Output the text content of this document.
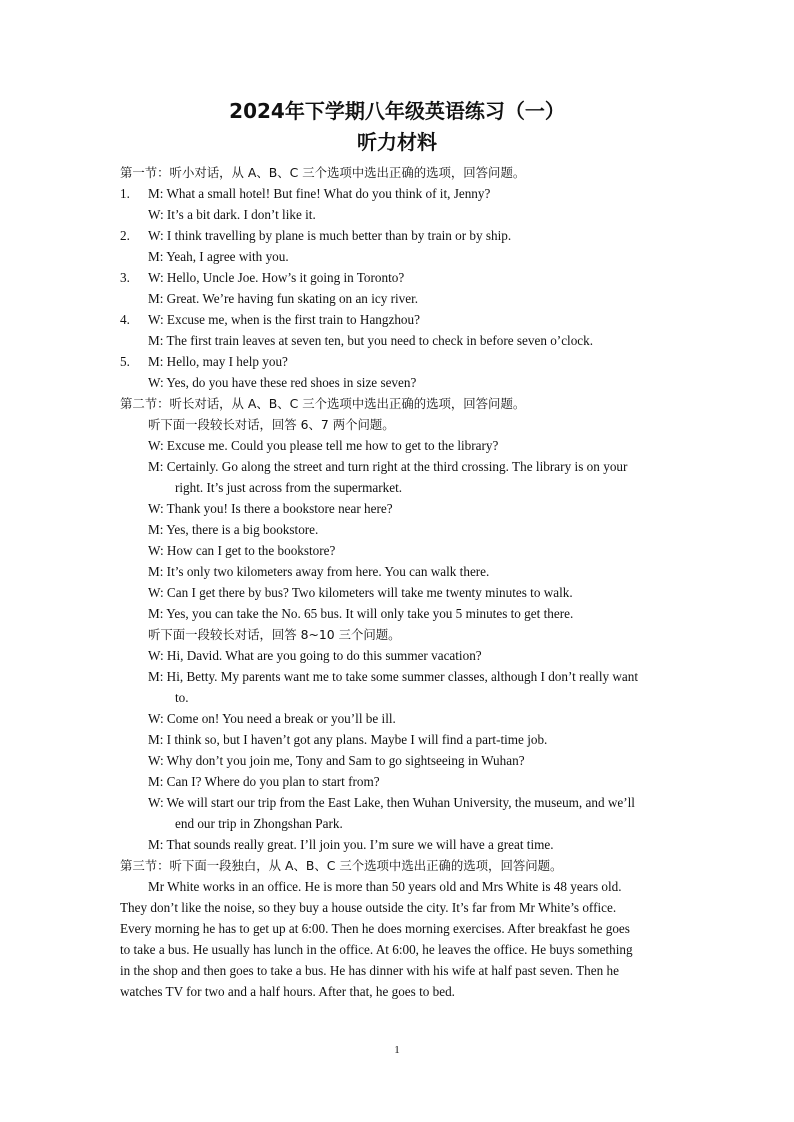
2024年下学期八年级英语练习（一）
听力材料
第一节：听小对话，从 A、B、C 三个选项中选出正确的选项，回答问题。
1.	M: What a small hotel! But fine! What do you think of it, Jenny?
W: It’s a bit dark. I don’t like it.
2.	W: I think travelling by plane is much better than by train or by ship.
M: Yeah, I agree with you.
3.	W: Hello, Uncle Joe. How’s it going in Toronto?
M: Great. We’re having fun skating on an icy river.
4.	W: Excuse me, when is the first train to Hangzhou?
M: The first train leaves at seven ten, but you need to check in before seven o’clock.
5.	M: Hello, may I help you?
W: Yes, do you have these red shoes in size seven?
第二节：听长对话，从 A、B、C 三个选项中选出正确的选项，回答问题。
听下面一段较长对话，回答 6、7 两个问题。
W: Excuse me. Could you please tell me how to get to the library?
M: Certainly. Go along the street and turn right at the third crossing. The library is on your
right. It’s just across from the supermarket.
W: Thank you! Is there a bookstore near here?
M: Yes, there is a big bookstore.
W: How can I get to the bookstore?
M: It’s only two kilometers away from here. You can walk there.
W: Can I get there by bus? Two kilometers will take me twenty minutes to walk.
M: Yes, you can take the No. 65 bus. It will only take you 5 minutes to get there.
听下面一段较长对话，回答 8~10 三个问题。
W: Hi, David. What are you going to do this summer vacation?
M: Hi, Betty. My parents want me to take some summer classes, although I don’t really want
to.
W: Come on! You need a break or you’ll be ill.
M: I think so, but I haven’t got any plans. Maybe I will find a part-time job.
W: Why don’t you join me, Tony and Sam to go sightseeing in Wuhan?
M: Can I? Where do you plan to start from?
W: We will start our trip from the East Lake, then Wuhan University, the museum, and we’ll
end our trip in Zhongshan Park.
M: That sounds really great. I’ll join you. I’m sure we will have a great time.
第三节：听下面一段独白，从 A、B、C 三个选项中选出正确的选项，回答问题。
Mr White works in an office. He is more than 50 years old and Mrs White is 48 years old.
They don’t like the noise, so they buy a house outside the city. It’s far from Mr White’s office.
Every morning he has to get up at 6:00. Then he does morning exercises. After breakfast he goes
to take a bus. He usually has lunch in the office. At 6:00, he leaves the office. He buys something
in the shop and then goes to take a bus. He has dinner with his wife at half past seven. Then he
watches TV for two and a half hours. After that, he goes to bed.
1
